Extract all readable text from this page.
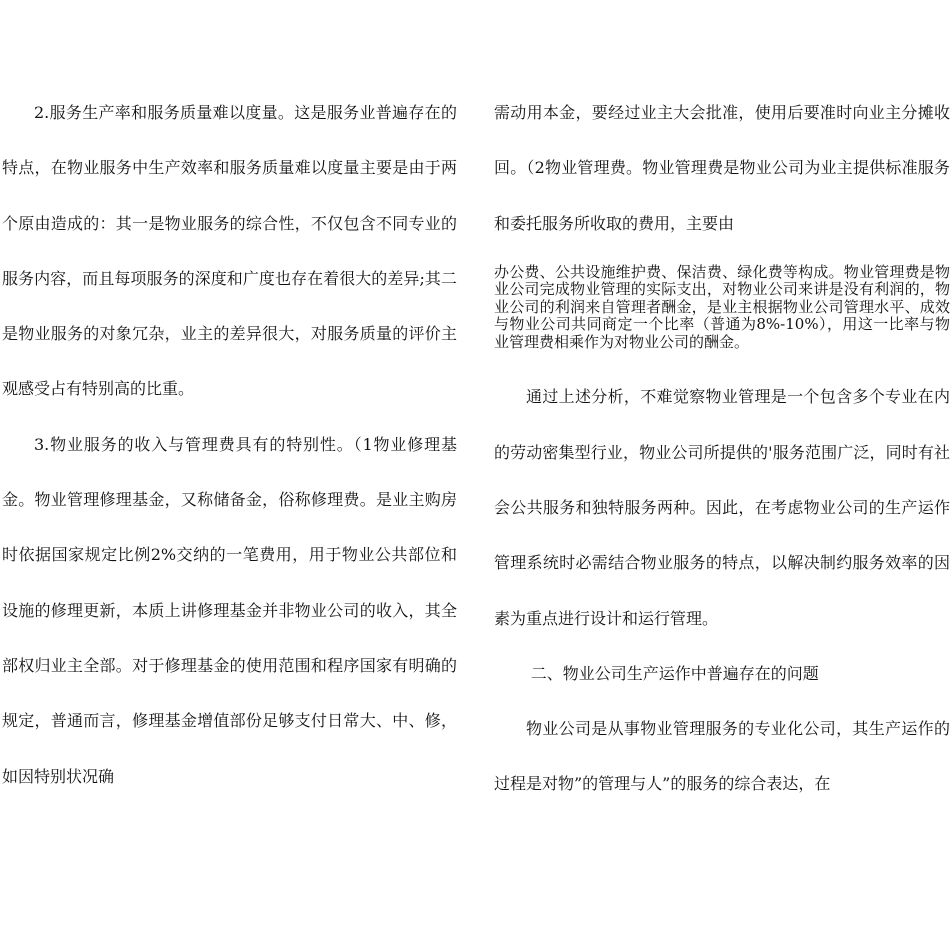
2.服务生产率和服务质量难以度量。这是服务业普遍存在的特点，在物业服务中生产效率和服务质量难以度量主要是由于两个原由造成的：其一是物业服务的综合性，不仅包含不同专业的服务内容，而且每项服务的深度和广度也存在着很大的差异;其二是物业服务的对象冗杂，业主的差异很大，对服务质量的评价主观感受占有特别高的比重。

3.物业服务的收入与管理费具有的特别性。（1物业修理基金。物业管理修理基金，又称储备金，俗称修理费。是业主购房时依据国家规定比例2%交纳的一笔费用，用于物业公共部位和设施的修理更新，本质上讲修理基金并非物业公司的收入，其全部权归业主全部。对于修理基金的使用范围和程序国家有明确的规定，普通而言，修理基金增值部份足够支付日常大、中、修，如因特别状况确

需动用本金，要经过业主大会批准，使用后要准时向业主分摊收回。（2物业管理费。物业管理费是物业公司为业主提供标准服务和委托服务所收取的费用，主要由

办公费、公共设施维护费、保洁费、绿化费等构成。物业管理费是物业公司完成物业管理的实际支出，对物业公司来讲是没有利润的，物业公司的利润来自管理者酬金，是业主根据物业公司管理水平、成效与物业公司共同商定一个比率（普通为8%-10%），用这一比率与物业管理费相乘作为对物业公司的酬金。

通过上述分析，不难觉察物业管理是一个包含多个专业在内的劳动密集型行业，物业公司所提供的'服务范围广泛，同时有社会公共服务和独特服务两种。因此，在考虑物业公司的生产运作管理系统时必需结合物业服务的特点，以解决制约服务效率的因素为重点进行设计和运行管理。

二、物业公司生产运作中普遍存在的问题

物业公司是从事物业管理服务的专业化公司，其生产运作的过程是对物”的管理与人”的服务的综合表达，在
